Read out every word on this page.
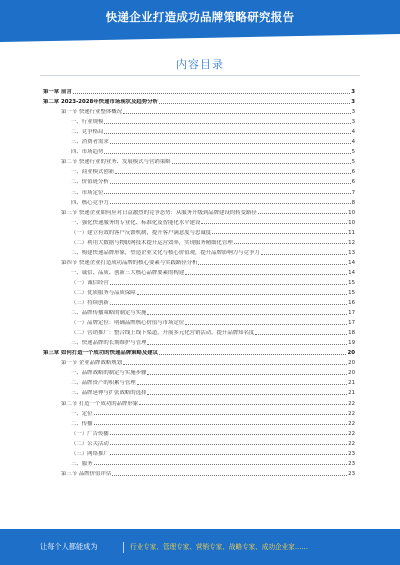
快递企业打造成功品牌策略研究报告
内容目录
第一章 前言	3
第二章 2023-2028年快递市场现状及趋势分析	3
第一节 快递行业整体概况	3
一、行业规模	3
二、竞争格局	4
三、消费者需求	4
四、市场趋势	5
第二节 快递行业的业务、发展模式与营销策略	5
一、商业模式创新	6
二、价值链分析	6
三、市场定位	7
四、核心竞争力	8
第三节 快递企业如何应对日益激烈的竞争态势：从服务升级到品牌建设的转变路径	10
一、强化快递服务的专业化、标准化及智能化水平建设	10
（一）建立有效的客户反馈机制，提升客户满意度与忠诚度	11
（二）利用大数据与物联网技术提升运营效率，实现服务精细化管理	12
二、构建快递品牌形象，塑造企业文化与核心价值观，提升品牌影响力与竞争力	13
第四节 快递企业打造成功品牌的核心要素与实践路径分析	14
一、诚信、品质、创新三大核心品牌要素的构建	14
（一）诚信经营	15
（二）优质服务与品质保障	15
（三）持续创新	16
二、品牌传播策略的制定与实施	17
（一）品牌定位：明确品牌核心价值与市场定位	17
（二）营销推广：整合线上线下渠道，开展多元化营销活动，提升品牌知名度	18
三、快递品牌的长期维护与管理	19
第三章 如何打造一个成功的快递品牌策略及建议	20
第一节 企业品牌战略规划	20
一、品牌战略的制定与实施步骤	20
二、品牌资产的积累与管理	21
三、品牌延伸与扩张战略的选择	21
第二节 打造一个成功的品牌形象	22
一、定位	22
二、传播	22
（一）广告传播	22
（二）公关活动	22
（三）网络推广	23
三、服务	23
第三节 品牌价值评估	23
让每个人都能成为	行业专家、管理专家、营销专家、战略专家、成功企业家……
